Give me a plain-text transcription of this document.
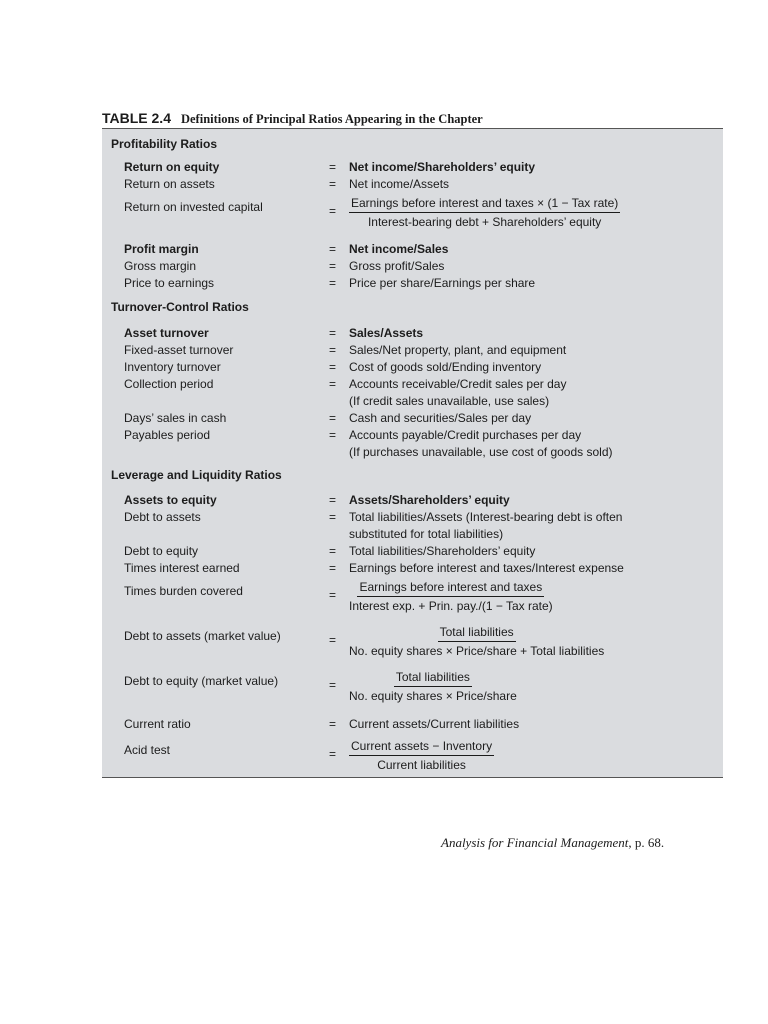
TABLE 2.4 Definitions of Principal Ratios Appearing in the Chapter
Profitability Ratios
Return on equity	= Net income/Shareholders’ equity
Return on assets	= Net income/Assets
Return on invested capital	=
Earnings before interest and taxes × (1 − Tax rate)
Interest-bearing debt + Shareholders’ equity
Profit margin	= Net income/Sales
Gross margin	= Gross profit/Sales
Price to earnings	= Price per share/Earnings per share
Turnover-Control Ratios
Asset turnover	= Sales/Assets
Fixed-asset turnover	= Sales/Net property, plant, and equipment
Inventory turnover	= Cost of goods sold/Ending inventory
Collection period	= Accounts receivable/Credit sales per day
(If credit sales unavailable, use sales)
Days’ sales in cash	= Cash and securities/Sales per day
Payables period	= Accounts payable/Credit purchases per day
(If purchases unavailable, use cost of goods sold)
Leverage and Liquidity Ratios
Assets to equity	= Assets/Shareholders’ equity
Debt to assets	= Total liabilities/Assets (Interest-bearing debt is often
substituted for total liabilities)
Debt to equity	= Total liabilities/Shareholders’ equity
Times interest earned	= Earnings before interest and taxes/Interest expense
Times burden covered	=
Earnings before interest and taxes
Interest exp. + Prin. pay./(1 − Tax rate)
Debt to assets (market value)	=
Total liabilities
No. equity shares × Price/share + Total liabilities
Debt to equity (market value)	=
Total liabilities
No. equity shares × Price/share
Current ratio	= Current assets/Current liabilities
Acid test	=
Current assets − Inventory
Current liabilities
Analysis for Financial Management, p. 68.
